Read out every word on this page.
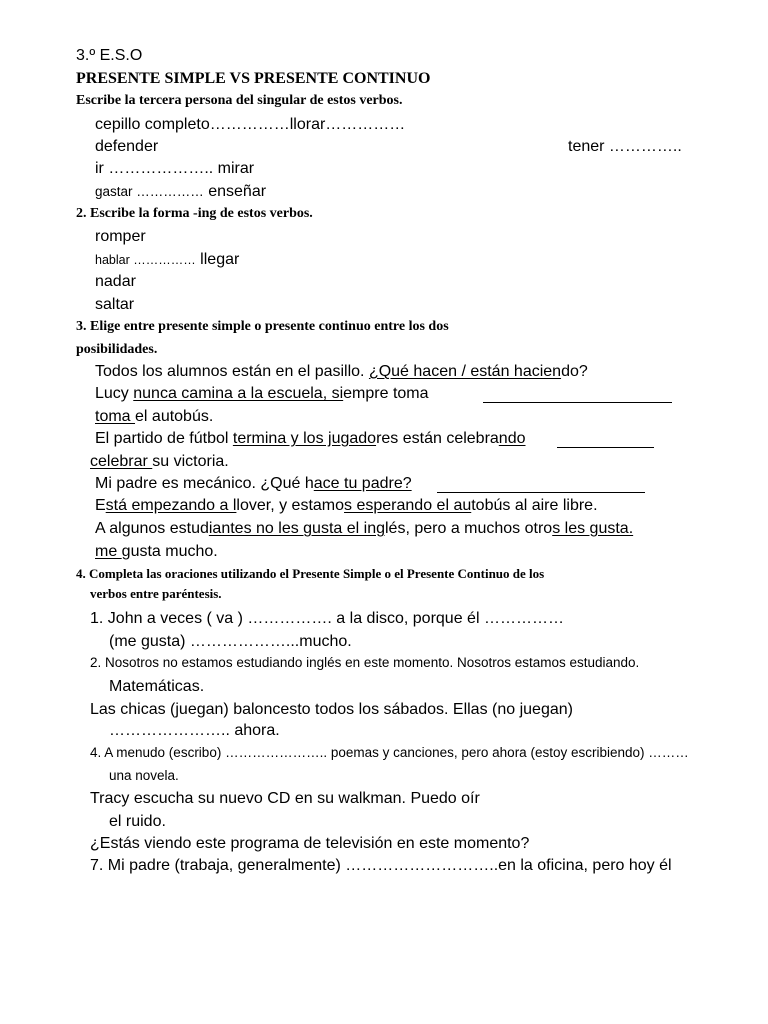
3.º E.S.O
PRESENTE SIMPLE VS PRESENTE CONTINUO
Escribe la tercera persona del singular de estos verbos.
cepillo completo……………llorar……………
defender	tener …………..
ir ……………….. mirar
gastar …………… enseñar
2. Escribe la forma -ing de estos verbos.
romper
hablar …………… llegar
nadar
saltar
3. Elige entre presente simple o presente continuo entre los dos
posibilidades.
Todos los alumnos están en el pasillo. ¿Qué hacen / están haciendo?
Lucy nunca camina a la escuela, siempre toma
toma el autobús.
El partido de fútbol termina y los jugadores están celebrando
celebrar su victoria.
Mi padre es mecánico. ¿Qué hace tu padre?
Está empezando a llover, y estamos esperando el autobús al aire libre.
A algunos estudiantes no les gusta el inglés, pero a muchos otros les gusta.
me gusta mucho.
4. Completa las oraciones utilizando el Presente Simple o el Presente Continuo de los
verbos entre paréntesis.
1. John a veces ( va ) ……………. a la disco, porque él ……………
(me gusta) ………………...mucho.
2. Nosotros no estamos estudiando inglés en este momento. Nosotros estamos estudiando.
Matemáticas.
Las chicas (juegan) baloncesto todos los sábados. Ellas (no juegan)
………………….. ahora.
4. A menudo (escribo) ………………….. poemas y canciones, pero ahora (estoy escribiendo) ………
una novela.
Tracy escucha su nuevo CD en su walkman. Puedo oír
el ruido.
¿Estás viendo este programa de televisión en este momento?
7. Mi padre (trabaja, generalmente) ………………………..en la oficina, pero hoy él
